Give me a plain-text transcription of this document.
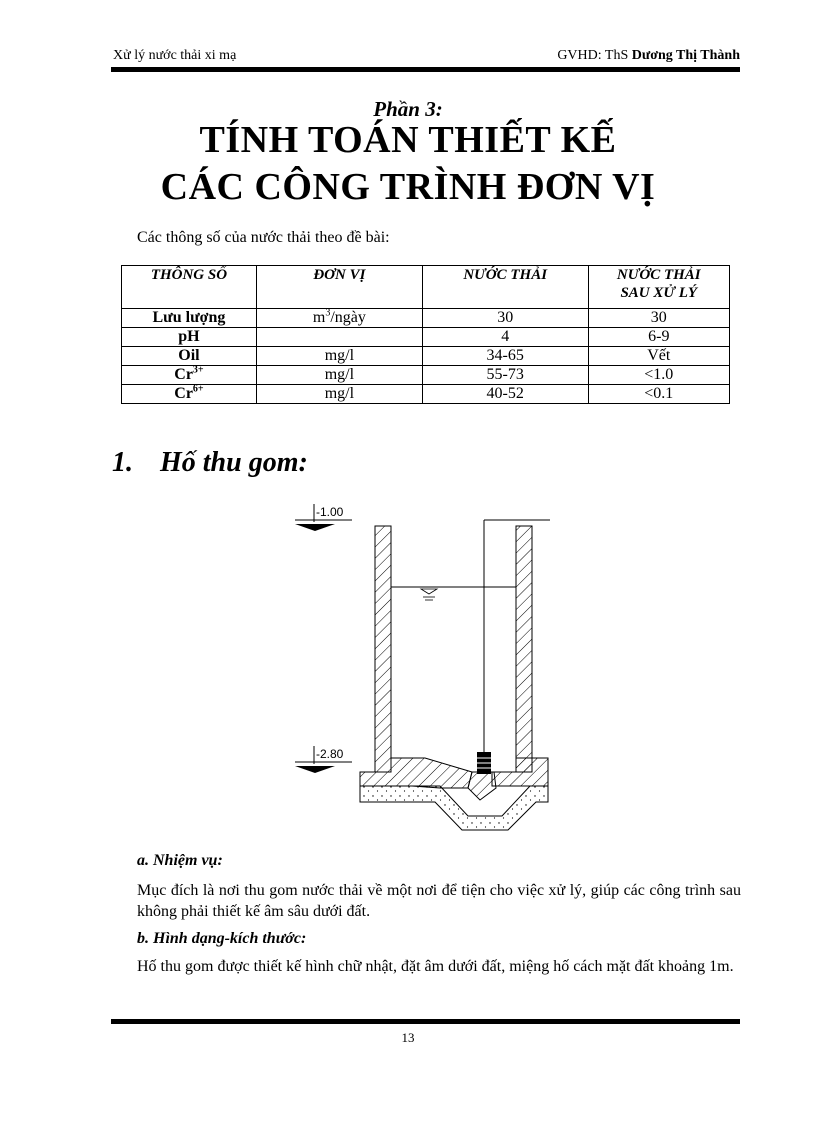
Xử lý nước thải xi mạ	GVHD: ThS Dương Thị Thành
Phần 3:
TÍNH TOÁN THIẾT KẾ
CÁC CÔNG TRÌNH ĐƠN VỊ
Các thông số của nước thải theo đề bài:
THÔNG SỐ	ĐƠN VỊ	NƯỚC THẢI	NƯỚC THẢI
SAU XỬ LÝ
Lưu lượng	$m^3$/ngày	30	30
pH		4	6-9
Oil	mg/l	34-65	Vết
$Cr^{3+}$	mg/l	55-73	<1.0
$Cr^{6+}$	mg/l	40-52	<0.1
1. Hố thu gom:
-1.00
-2.80
a. Nhiệm vụ:
Mục đích là nơi thu gom nước thải về một nơi để tiện cho việc xử lý, giúp các công trình sau không phải thiết kế âm sâu dưới đất.
b. Hình dạng-kích thước:
Hố thu gom được thiết kế hình chữ nhật, đặt âm dưới đất, miệng hố cách mặt đất khoảng 1m.
13
